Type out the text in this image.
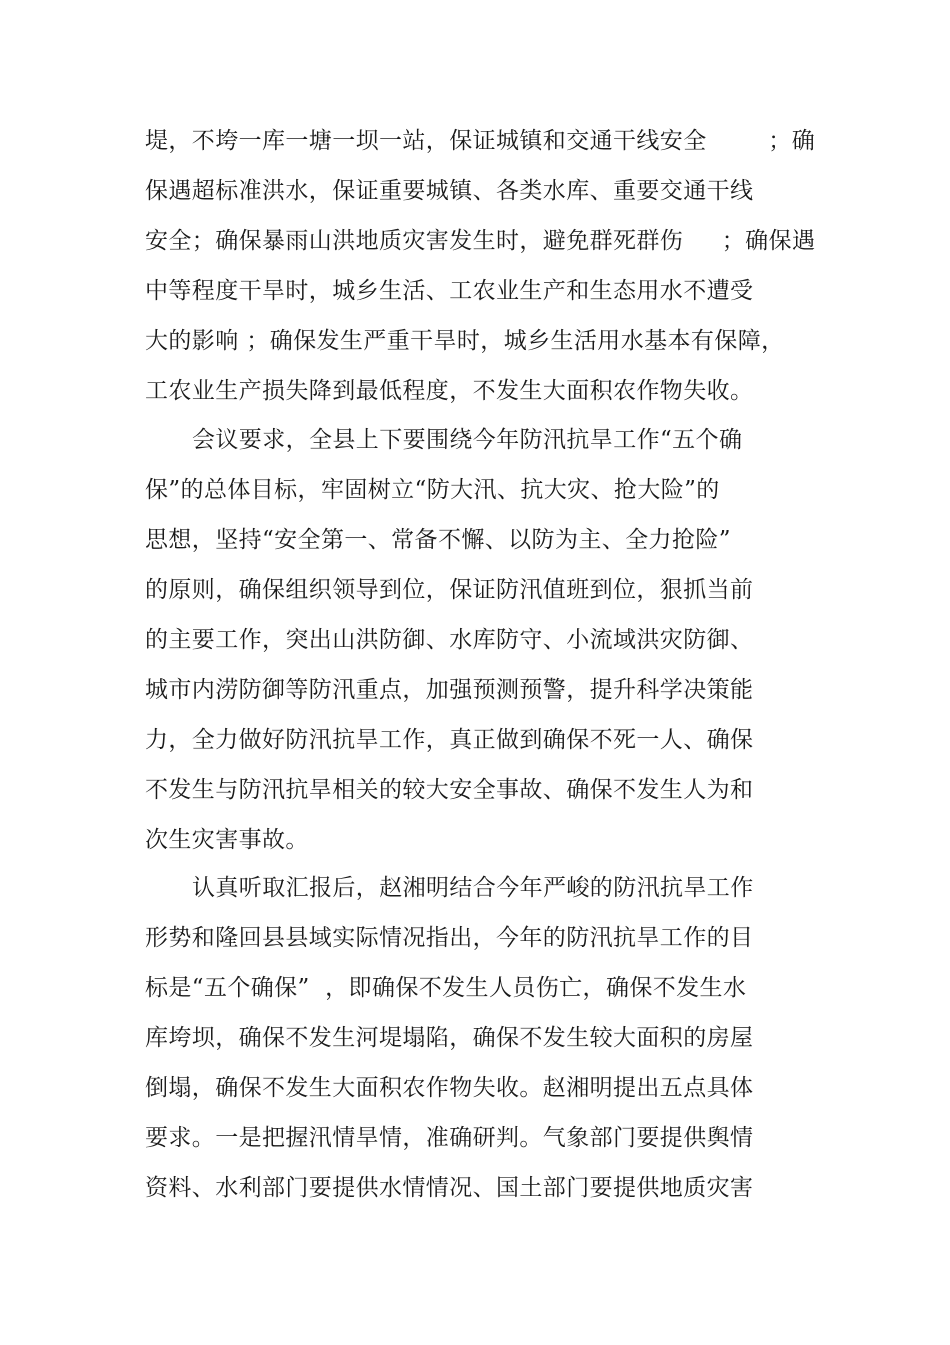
堤，不垮一库一塘一坝一站，保证城镇和交通干线安全        ；确
保遇超标准洪水，保证重要城镇、各类水库、重要交通干线
安全；确保暴雨山洪地质灾害发生时，避免群死群伤     ；确保遇
中等程度干旱时，城乡生活、工农业生产和生态用水不遭受
大的影响 ；确保发生严重干旱时，城乡生活用水基本有保障，
工农业生产损失降到最低程度，不发生大面积农作物失收。
会议要求，全县上下要围绕今年防汛抗旱工作“五个确
保”的总体目标，牢固树立“防大汛、抗大灾、抢大险”的
思想，坚持“安全第一、常备不懈、以防为主、全力抢险”
的原则，确保组织领导到位，保证防汛值班到位，狠抓当前
的主要工作，突出山洪防御、水库防守、小流域洪灾防御、
城市内涝防御等防汛重点，加强预测预警，提升科学决策能
力，全力做好防汛抗旱工作，真正做到确保不死一人、确保
不发生与防汛抗旱相关的较大安全事故、确保不发生人为和
次生灾害事故。
认真听取汇报后，赵湘明结合今年严峻的防汛抗旱工作
形势和隆回县县域实际情况指出，今年的防汛抗旱工作的目
标是“五个确保”  ，即确保不发生人员伤亡，确保不发生水
库垮坝，确保不发生河堤塌陷，确保不发生较大面积的房屋
倒塌，确保不发生大面积农作物失收。赵湘明提出五点具体
要求。一是把握汛情旱情，准确研判。气象部门要提供舆情
资料、水利部门要提供水情情况、国土部门要提供地质灾害
